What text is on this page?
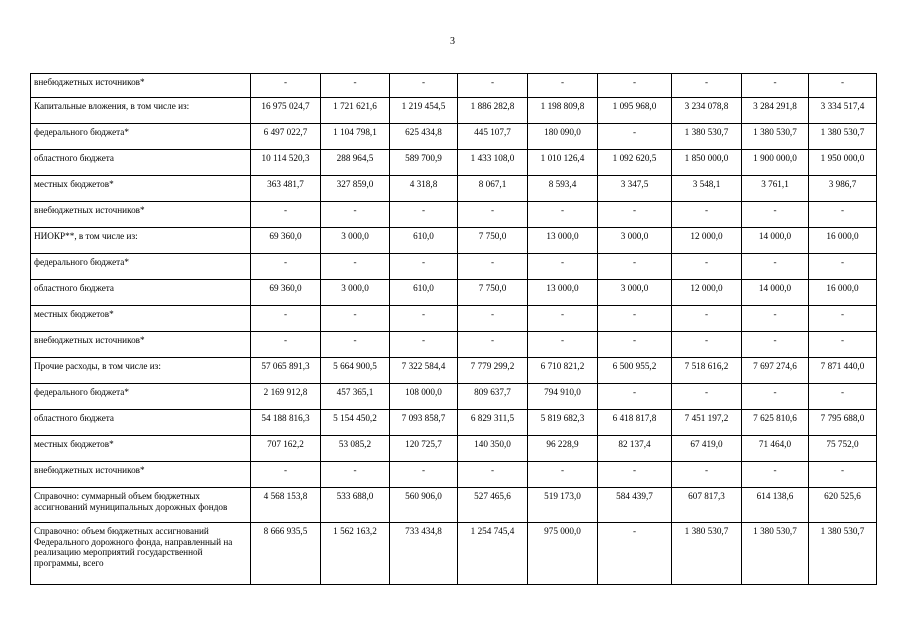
3
внебюджетных источников*	-	-	-	-	-	-	-	-	-
Капитальные вложения, в том числе из:	16 975 024,7	1 721 621,6	1 219 454,5	1 886 282,8	1 198 809,8	1 095 968,0	3 234 078,8	3 284 291,8	3 334 517,4
федерального бюджета*	6 497 022,7	1 104 798,1	625 434,8	445 107,7	180 090,0	-	1 380 530,7	1 380 530,7	1 380 530,7
областного бюджета	10 114 520,3	288 964,5	589 700,9	1 433 108,0	1 010 126,4	1 092 620,5	1 850 000,0	1 900 000,0	1 950 000,0
местных бюджетов*	363 481,7	327 859,0	4 318,8	8 067,1	8 593,4	3 347,5	3 548,1	3 761,1	3 986,7
внебюджетных источников*	-	-	-	-	-	-	-	-	-
НИОКР**, в том числе из:	69 360,0	3 000,0	610,0	7 750,0	13 000,0	3 000,0	12 000,0	14 000,0	16 000,0
федерального бюджета*	-	-	-	-	-	-	-	-	-
областного бюджета	69 360,0	3 000,0	610,0	7 750,0	13 000,0	3 000,0	12 000,0	14 000,0	16 000,0
местных бюджетов*	-	-	-	-	-	-	-	-	-
внебюджетных источников*	-	-	-	-	-	-	-	-	-
Прочие расходы, в том числе из:	57 065 891,3	5 664 900,5	7 322 584,4	7 779 299,2	6 710 821,2	6 500 955,2	7 518 616,2	7 697 274,6	7 871 440,0
федерального бюджета*	2 169 912,8	457 365,1	108 000,0	809 637,7	794 910,0	-	-	-	-
областного бюджета	54 188 816,3	5 154 450,2	7 093 858,7	6 829 311,5	5 819 682,3	6 418 817,8	7 451 197,2	7 625 810,6	7 795 688,0
местных бюджетов*	707 162,2	53 085,2	120 725,7	140 350,0	96 228,9	82 137,4	67 419,0	71 464,0	75 752,0
внебюджетных источников*	-	-	-	-	-	-	-	-	-
Справочно: суммарный объем бюджетных ассигнований муниципальных дорожных фондов	4 568 153,8	533 688,0	560 906,0	527 465,6	519 173,0	584 439,7	607 817,3	614 138,6	620 525,6
Справочно: объем бюджетных ассигнований Федерального дорожного фонда, направленный на реализацию мероприятий государственной программы, всего	8 666 935,5	1 562 163,2	733 434,8	1 254 745,4	975 000,0	-	1 380 530,7	1 380 530,7	1 380 530,7
